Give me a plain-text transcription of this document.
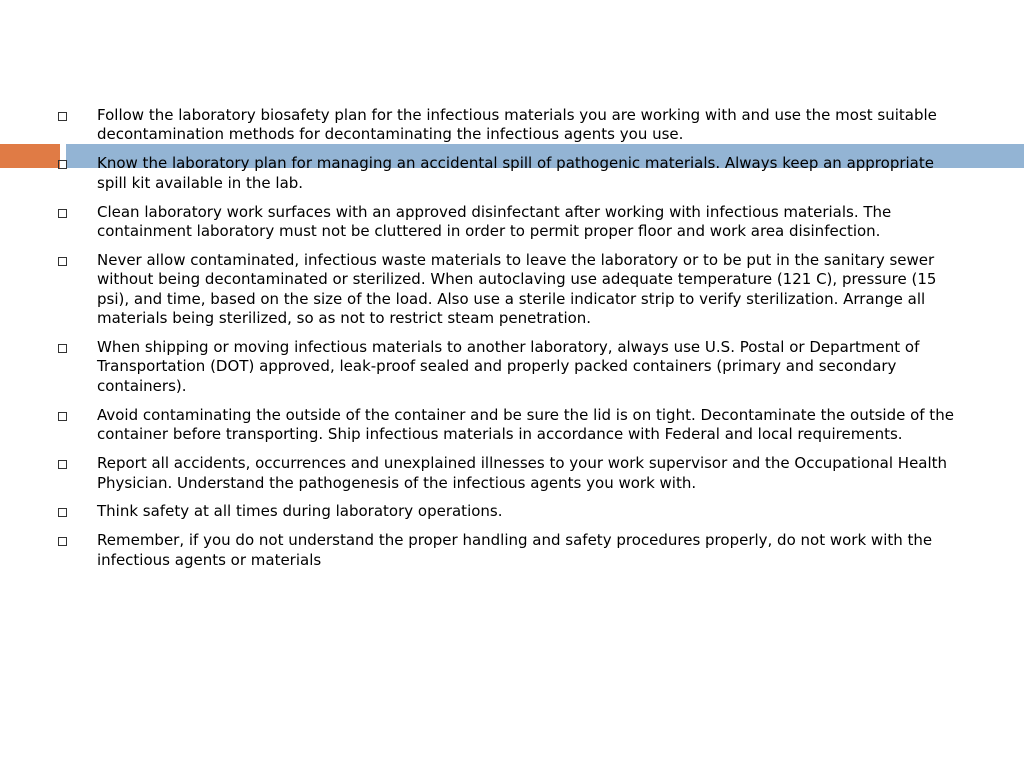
Follow the laboratory biosafety plan for the infectious materials you are working with and use the most suitable decontamination methods for decontaminating the infectious agents you use.
Know the laboratory plan for managing an accidental spill of pathogenic materials. Always keep an appropriate spill kit available in the lab.
Clean laboratory work surfaces with an approved disinfectant after working with infectious materials. The containment laboratory must not be cluttered in order to permit proper floor and work area disinfection.
Never allow contaminated, infectious waste materials to leave the laboratory or to be put in the sanitary sewer without being decontaminated or sterilized. When autoclaving use adequate temperature (121 C), pressure (15 psi), and time, based on the size of the load. Also use a sterile indicator strip to verify sterilization. Arrange all materials being sterilized, so as not to restrict steam penetration.
When shipping or moving infectious materials to another laboratory, always use U.S. Postal or Department of Transportation (DOT) approved, leak-proof sealed and properly packed containers (primary and secondary containers).
Avoid contaminating the outside of the container and be sure the lid is on tight. Decontaminate the outside of the container before transporting. Ship infectious materials in accordance with Federal and local requirements.
Report all accidents, occurrences and unexplained illnesses to your work supervisor and the Occupational Health Physician. Understand the pathogenesis of the infectious agents you work with.
Think safety at all times during laboratory operations.
Remember, if you do not understand the proper handling and safety procedures properly, do not work with the infectious agents or materials
